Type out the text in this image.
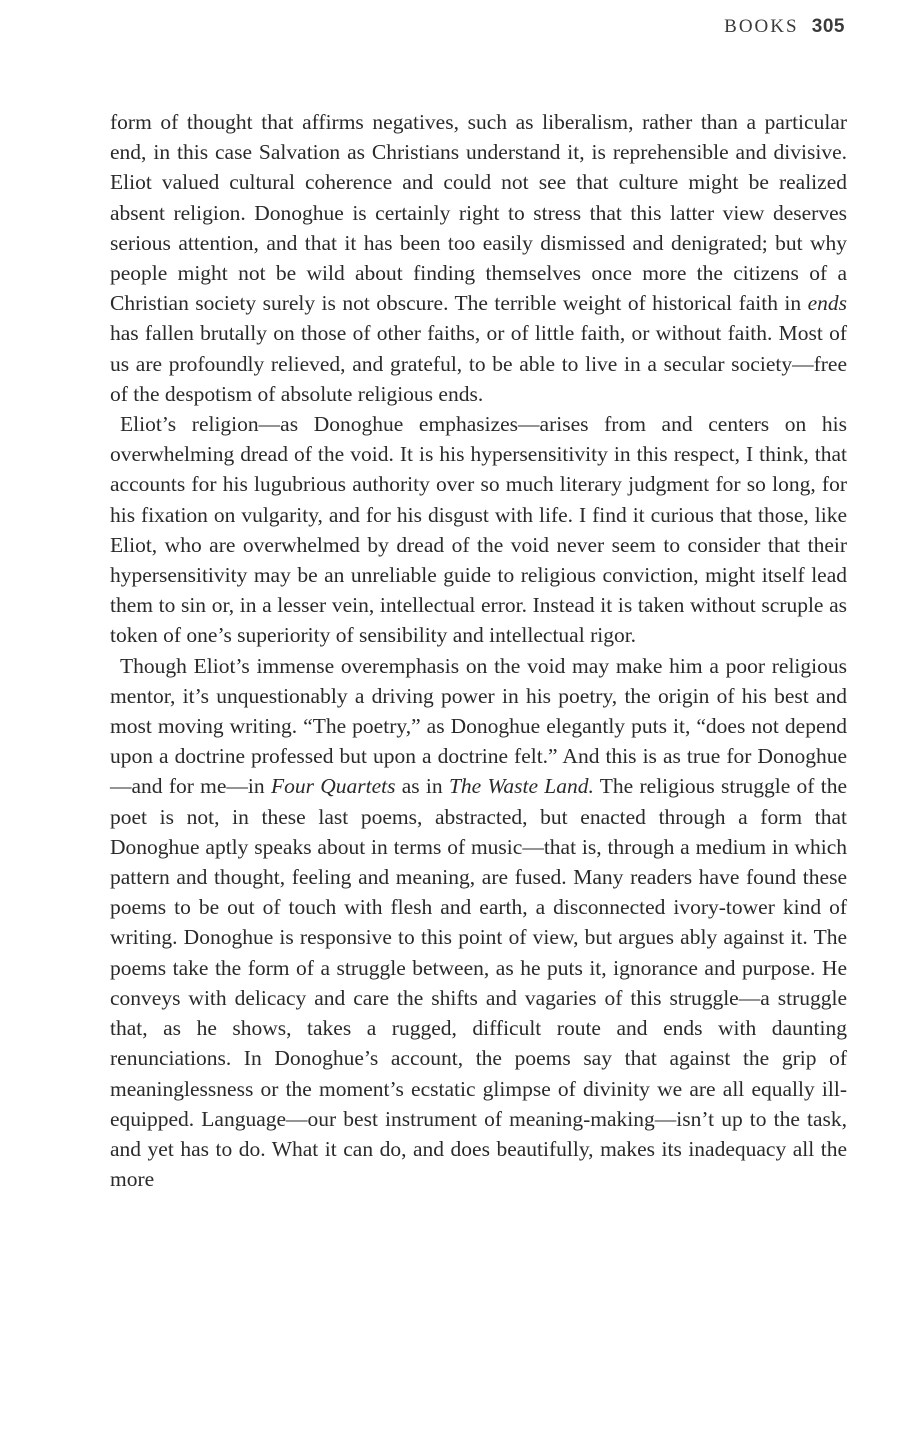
BOOKS 305

form of thought that affirms negatives, such as liberalism, rather than a particular end, in this case Salvation as Christians understand it, is reprehensible and divisive. Eliot valued cultural coherence and could not see that culture might be realized absent religion. Donoghue is certainly right to stress that this latter view deserves serious attention, and that it has been too easily dismissed and denigrated; but why people might not be wild about finding themselves once more the citizens of a Christian society surely is not obscure. The terrible weight of historical faith in ends has fallen brutally on those of other faiths, or of little faith, or without faith. Most of us are profoundly relieved, and grateful, to be able to live in a secular society—free of the despotism of absolute religious ends.

Eliot’s religion—as Donoghue emphasizes—arises from and centers on his overwhelming dread of the void. It is his hypersensitivity in this respect, I think, that accounts for his lugubrious authority over so much literary judgment for so long, for his fixation on vulgarity, and for his disgust with life. I find it curious that those, like Eliot, who are overwhelmed by dread of the void never seem to consider that their hypersensitivity may be an unreliable guide to religious conviction, might itself lead them to sin or, in a lesser vein, intellectual error. Instead it is taken without scruple as token of one’s superiority of sensibility and intellectual rigor.

Though Eliot’s immense overemphasis on the void may make him a poor religious mentor, it’s unquestionably a driving power in his poetry, the origin of his best and most moving writing. “The poetry,” as Donoghue elegantly puts it, “does not depend upon a doctrine professed but upon a doctrine felt.” And this is as true for Donoghue—and for me—in Four Quartets as in The Waste Land. The religious struggle of the poet is not, in these last poems, abstracted, but enacted through a form that Donoghue aptly speaks about in terms of music—that is, through a medium in which pattern and thought, feeling and meaning, are fused. Many readers have found these poems to be out of touch with flesh and earth, a disconnected ivory-tower kind of writing. Donoghue is responsive to this point of view, but argues ably against it. The poems take the form of a struggle between, as he puts it, ignorance and purpose. He conveys with delicacy and care the shifts and vagaries of this struggle—a struggle that, as he shows, takes a rugged, difficult route and ends with daunting renunciations. In Donoghue’s account, the poems say that against the grip of meaninglessness or the moment’s ecstatic glimpse of divinity we are all equally ill-equipped. Language—our best instrument of meaning-making—isn’t up to the task, and yet has to do. What it can do, and does beautifully, makes its inadequacy all the more
